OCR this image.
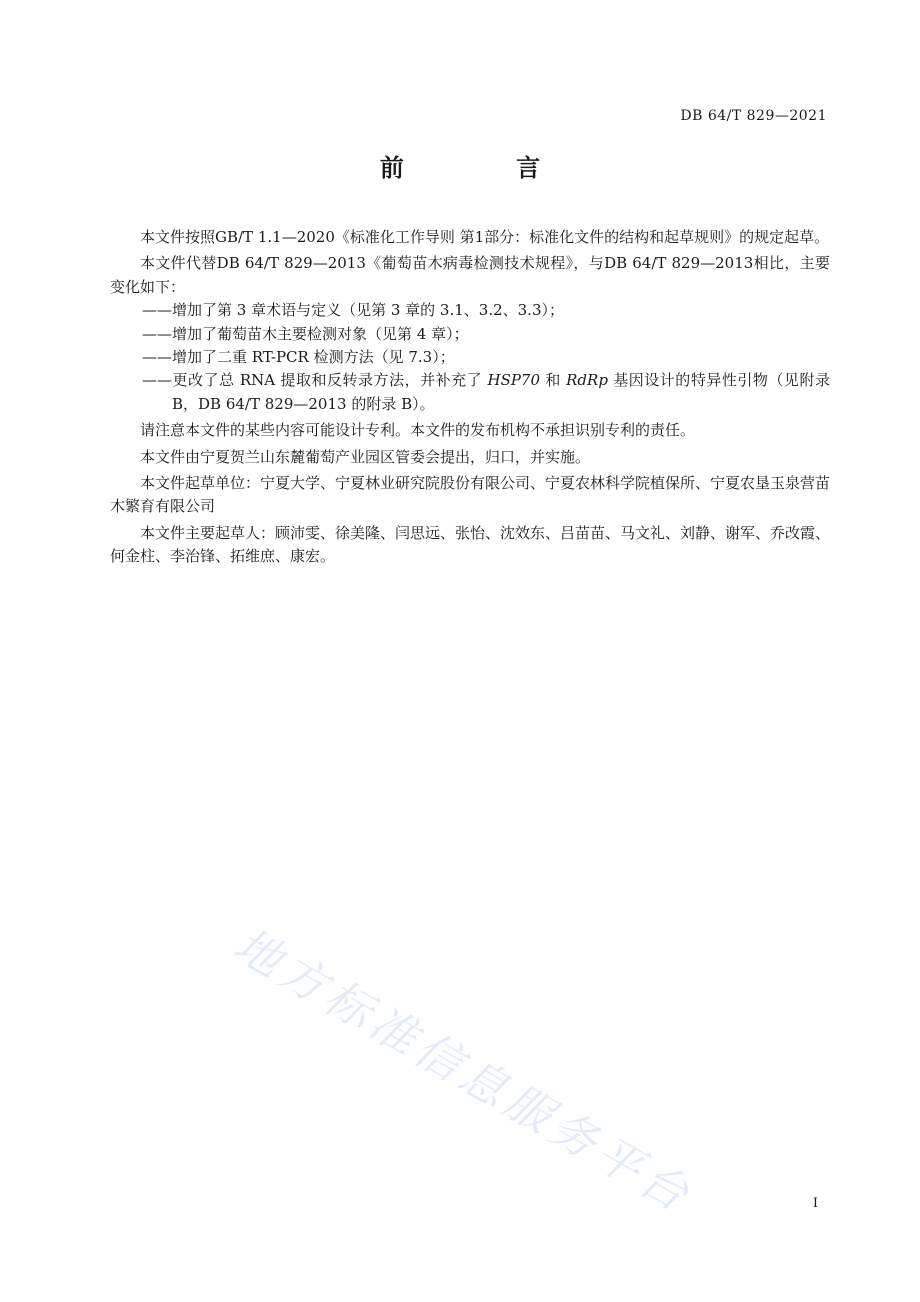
DB 64/T 829—2021
前 言

本文件按照GB/T 1.1—2020《标准化工作导则 第1部分：标准化文件的结构和起草规则》的规定起草。

本文件代替DB 64/T 829—2013《葡萄苗木病毒检测技术规程》，与DB 64/T 829—2013相比，主要变化如下：

——增加了第 3 章术语与定义（见第 3 章的 3.1、3.2、3.3）；

——增加了葡萄苗木主要检测对象（见第 4 章）；

——增加了二重 RT-PCR 检测方法（见 7.3）；

——更改了总 RNA 提取和反转录方法，并补充了 HSP70 和 RdRp 基因设计的特异性引物（见附录 B，DB 64/T 829—2013 的附录 B）。

请注意本文件的某些内容可能设计专利。本文件的发布机构不承担识别专利的责任。

本文件由宁夏贺兰山东麓葡萄产业园区管委会提出，归口，并实施。

本文件起草单位：宁夏大学、宁夏林业研究院股份有限公司、宁夏农林科学院植保所、宁夏农垦玉泉营苗木繁育有限公司

本文件主要起草人：顾沛雯、徐美隆、闫思远、张怡、沈效东、吕苗苗、马文礼、刘静、谢军、乔改霞、何金柱、李治锋、拓维庶、康宏。

地方标准信息服务平台	I
